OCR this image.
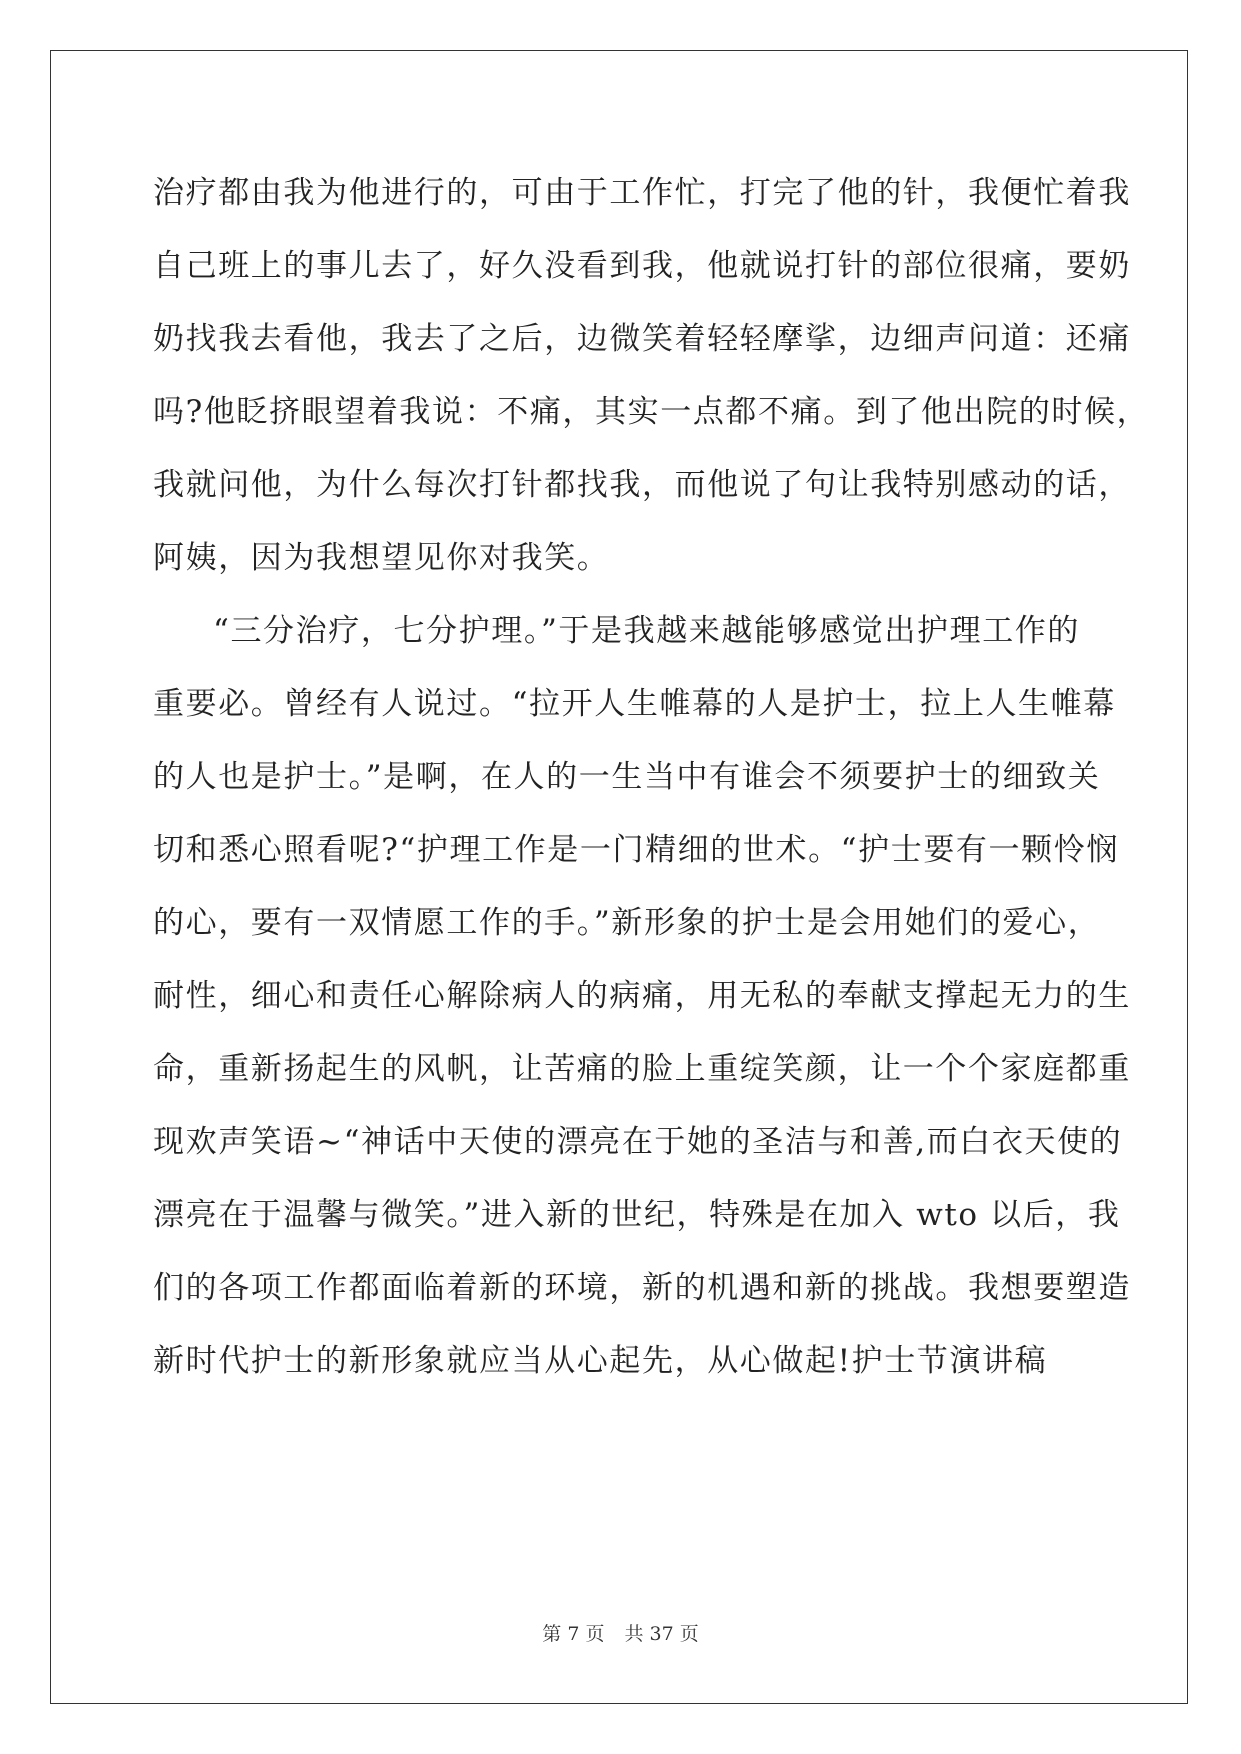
治疗都由我为他进行的，可由于工作忙，打完了他的针，我便忙着我
自己班上的事儿去了，好久没看到我，他就说打针的部位很痛，要奶
奶找我去看他，我去了之后，边微笑着轻轻摩挲，边细声问道：还痛
吗?他眨挤眼望着我说：不痛，其实一点都不痛。到了他出院的时候，
我就问他，为什么每次打针都找我，而他说了句让我特别感动的话，
阿姨，因为我想望见你对我笑。
“三分治疗，七分护理。”于是我越来越能够感觉出护理工作的
重要必。曾经有人说过。“拉开人生帷幕的人是护士，拉上人生帷幕
的人也是护士。”是啊，在人的一生当中有谁会不须要护士的细致关
切和悉心照看呢?“护理工作是一门精细的世术。“护士要有一颗怜悯
的心，要有一双情愿工作的手。”新形象的护士是会用她们的爱心，
耐性，细心和责任心解除病人的病痛，用无私的奉献支撑起无力的生
命，重新扬起生的风帆，让苦痛的脸上重绽笑颜，让一个个家庭都重
现欢声笑语~“神话中天使的漂亮在于她的圣洁与和善,而白衣天使的
漂亮在于温馨与微笑。”进入新的世纪，特殊是在加入 wto 以后，我
们的各项工作都面临着新的环境，新的机遇和新的挑战。我想要塑造
新时代护士的新形象就应当从心起先，从心做起!护士节演讲稿
第 7 页 共 37 页
